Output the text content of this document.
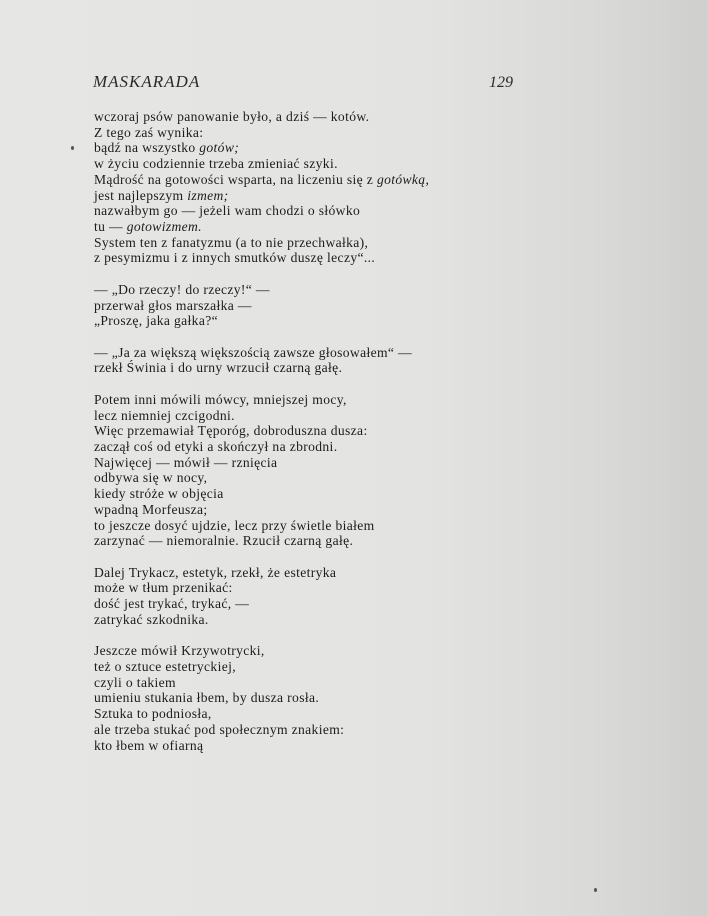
MASKARADA	129
wczoraj psów panowanie było, a dziś — kotów.
Z tego zaś wynika:
bądź na wszystko gotów;
w życiu codziennie trzeba zmieniać szyki.
Mądrość na gotowości wsparta, na liczeniu się z gotówką,
jest najlepszym izmem;
nazwałbym go — jeżeli wam chodzi o słówko
tu — gotowizmem.
System ten z fanatyzmu (a to nie przechwałka),
z pesymizmu i z innych smutków duszę leczy“...
— „Do rzeczy! do rzeczy!“ —
przerwał głos marszałka —
„Proszę, jaka gałka?“
— „Ja za większą większością zawsze głosowałem“ —
rzekł Świnia i do urny wrzucił czarną gałę.
Potem inni mówili mówcy, mniejszej mocy,
lecz niemniej czcigodni.
Więc przemawiał Tęporóg, dobroduszna dusza:
zaczął coś od etyki a skończył na zbrodni.
Najwięcej — mówił — rznięcia
odbywa się w nocy,
kiedy stróże w objęcia
wpadną Morfeusza;
to jeszcze dosyć ujdzie, lecz przy świetle białem
zarzynać — niemoralnie. Rzucił czarną gałę.
Dalej Trykacz, estetyk, rzekł, że estetryka
może w tłum przenikać:
dość jest trykać, trykać, —
zatrykać szkodnika.
Jeszcze mówił Krzywotrycki,
też o sztuce estetryckiej,
czyli o takiem
umieniu stukania łbem, by dusza rosła.
Sztuka to podniosła,
ale trzeba stukać pod społecznym znakiem:
kto łbem w ofiarną
